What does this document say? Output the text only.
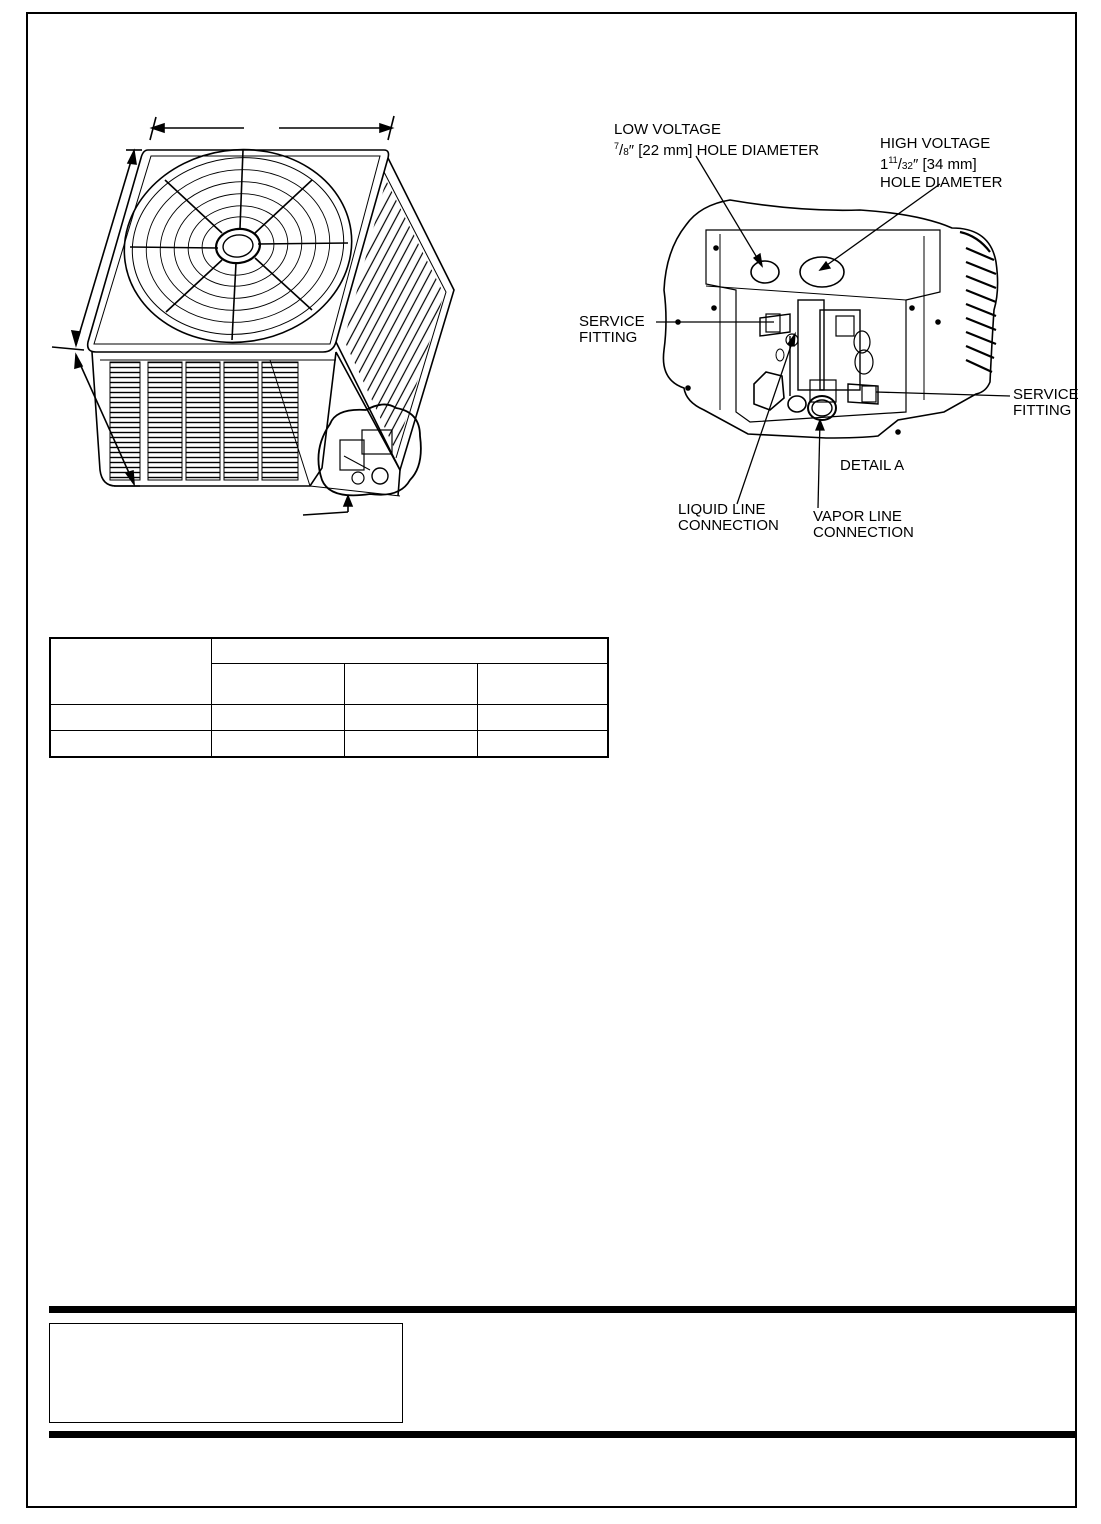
LOW VOLTAGE
$^7$/8″ [22 mm] HOLE DIAMETER	HIGH VOLTAGE
$1^{11}/32''$ [34 mm]
HOLE DIAMETER
SERVICE
FITTING
SERVICE
FITTING
DETAIL A
LIQUID LINE
CONNECTION
VAPOR LINE
CONNECTION
